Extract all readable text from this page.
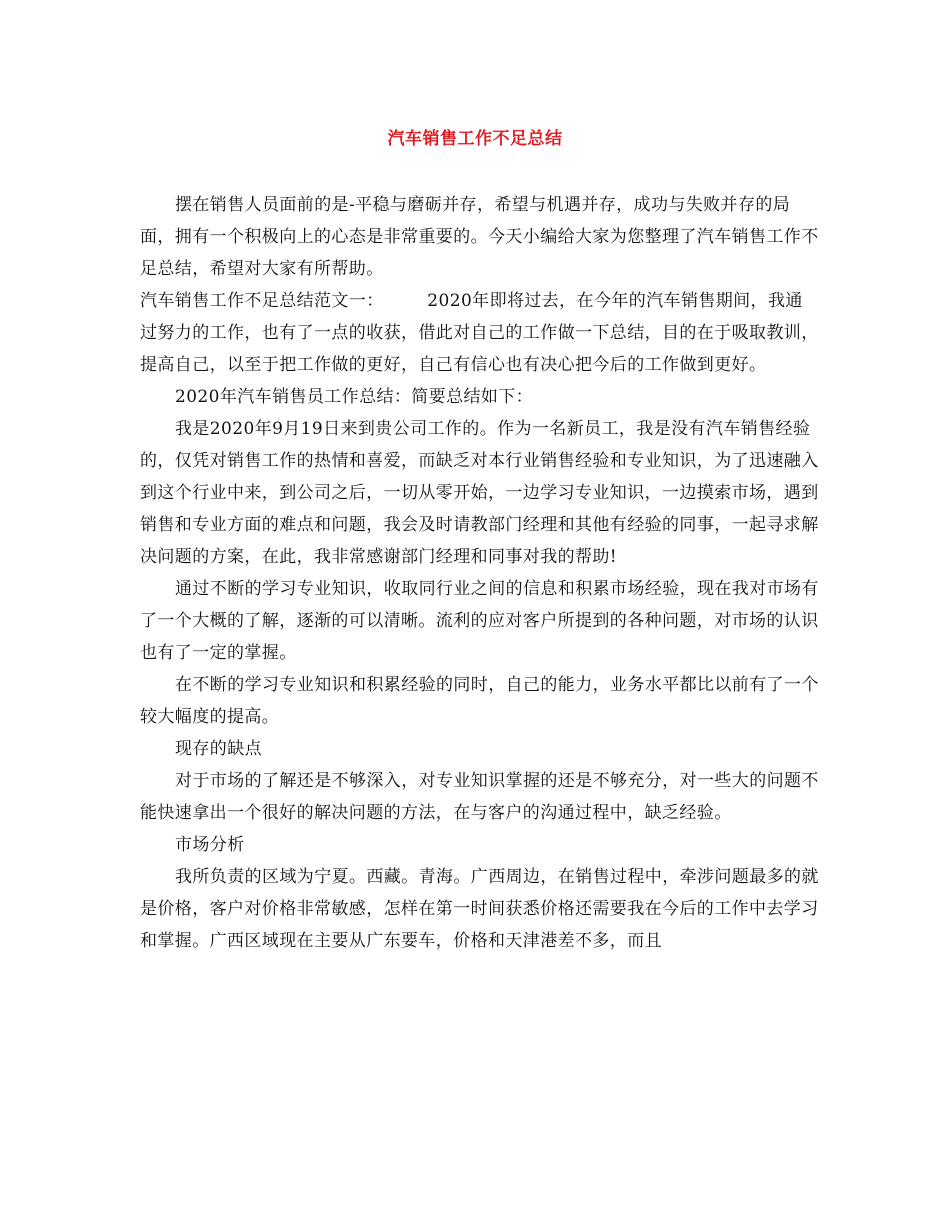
汽车销售工作不足总结

摆在销售人员面前的是-平稳与磨砺并存，希望与机遇并存，成功与失败并存的局面，拥有一个积极向上的心态是非常重要的。今天小编给大家为您整理了汽车销售工作不足总结，希望对大家有所帮助。

汽车销售工作不足总结范文一：　　　2020年即将过去，在今年的汽车销售期间，我通过努力的工作，也有了一点的收获，借此对自己的工作做一下总结，目的在于吸取教训，提高自己，以至于把工作做的更好，自己有信心也有决心把今后的工作做到更好。

2020年汽车销售员工作总结：简要总结如下：

我是2020年9月19日来到贵公司工作的。作为一名新员工，我是没有汽车销售经验的，仅凭对销售工作的热情和喜爱，而缺乏对本行业销售经验和专业知识，为了迅速融入到这个行业中来，到公司之后，一切从零开始，一边学习专业知识，一边摸索市场，遇到销售和专业方面的难点和问题，我会及时请教部门经理和其他有经验的同事，一起寻求解决问题的方案，在此，我非常感谢部门经理和同事对我的帮助!

通过不断的学习专业知识，收取同行业之间的信息和积累市场经验，现在我对市场有了一个大概的了解，逐渐的可以清晰。流利的应对客户所提到的各种问题，对市场的认识也有了一定的掌握。

在不断的学习专业知识和积累经验的同时，自己的能力，业务水平都比以前有了一个较大幅度的提高。

现存的缺点

对于市场的了解还是不够深入，对专业知识掌握的还是不够充分，对一些大的问题不能快速拿出一个很好的解决问题的方法，在与客户的沟通过程中，缺乏经验。

市场分析

我所负责的区域为宁夏。西藏。青海。广西周边，在销售过程中，牵涉问题最多的就是价格，客户对价格非常敏感，怎样在第一时间获悉价格还需要我在今后的工作中去学习和掌握。广西区域现在主要从广东要车，价格和天津港差不多，而且
